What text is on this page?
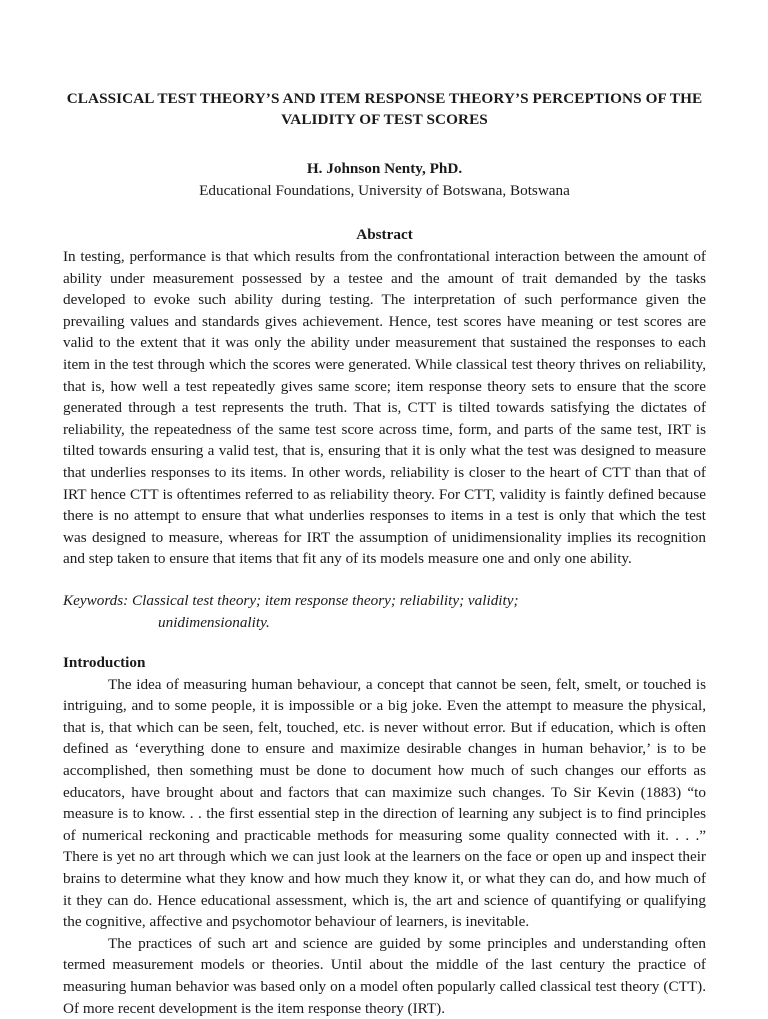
CLASSICAL TEST THEORY’S AND ITEM RESPONSE THEORY’S PERCEPTIONS OF THE VALIDITY OF TEST SCORES

H. Johnson Nenty, PhD.

Educational Foundations, University of Botswana, Botswana

Abstract

In testing, performance is that which results from the confrontational interaction between the amount of ability under measurement possessed by a testee and the amount of trait demanded by the tasks developed to evoke such ability during testing. The interpretation of such performance given the prevailing values and standards gives achievement. Hence, test scores have meaning or test scores are valid to the extent that it was only the ability under measurement that sustained the responses to each item in the test through which the scores were generated. While classical test theory thrives on reliability, that is, how well a test repeatedly gives same score; item response theory sets to ensure that the score generated through a test represents the truth. That is, CTT is tilted towards satisfying the dictates of reliability, the repeatedness of the same test score across time, form, and parts of the same test, IRT is tilted towards ensuring a valid test, that is, ensuring that it is only what the test was designed to measure that underlies responses to its items. In other words, reliability is closer to the heart of CTT than that of IRT hence CTT is oftentimes referred to as reliability theory. For CTT, validity is faintly defined because there is no attempt to ensure that what underlies responses to items in a test is only that which the test was designed to measure, whereas for IRT the assumption of unidimensionality implies its recognition and step taken to ensure that items that fit any of its models measure one and only one ability.

Keywords: Classical test theory; item response theory; reliability; validity;
unidimensionality.

Introduction

The idea of measuring human behaviour, a concept that cannot be seen, felt, smelt, or touched is intriguing, and to some people, it is impossible or a big joke. Even the attempt to measure the physical, that is, that which can be seen, felt, touched, etc. is never without error. But if education, which is often defined as ‘everything done to ensure and maximize desirable changes in human behavior,’ is to be accomplished, then something must be done to document how much of such changes our efforts as educators, have brought about and factors that can maximize such changes. To Sir Kevin (1883) “to measure is to know. . . the first essential step in the direction of learning any subject is to find principles of numerical reckoning and practicable methods for measuring some quality connected with it. . . .” There is yet no art through which we can just look at the learners on the face or open up and inspect their brains to determine what they know and how much they know it, or what they can do, and how much of it they can do. Hence educational assessment, which is, the art and science of quantifying or qualifying the cognitive, affective and psychomotor behaviour of learners, is inevitable.

The practices of such art and science are guided by some principles and understanding often termed measurement models or theories. Until about the middle of the last century the practice of measuring human behavior was based only on a model often popularly called classical test theory (CTT). Of more recent development is the item response theory (IRT).
